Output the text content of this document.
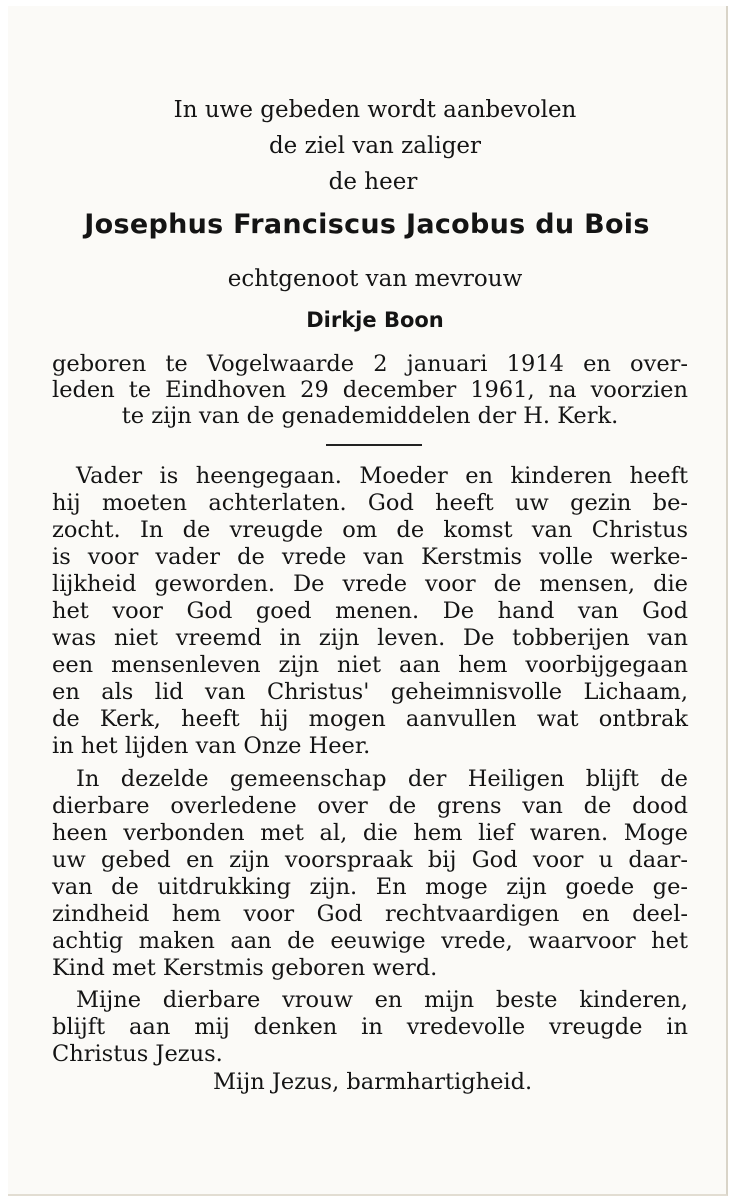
In uwe gebeden wordt aanbevolen
de ziel van zaliger
de heer
Josephus Franciscus Jacobus du Bois
echtgenoot van mevrouw
Dirkje Boon
geboren te Vogelwaarde 2 januari 1914 en over-
leden te Eindhoven 29 december 1961, na voorzien
te zijn van de genademiddelen der H. Kerk.
Vader is heengegaan. Moeder en kinderen heeft
hij moeten achterlaten. God heeft uw gezin be-
zocht. In de vreugde om de komst van Christus
is voor vader de vrede van Kerstmis volle werke-
lijkheid geworden. De vrede voor de mensen, die
het voor God goed menen. De hand van God
was niet vreemd in zijn leven. De tobberijen van
een mensenleven zijn niet aan hem voorbijgegaan
en als lid van Christus' geheimnisvolle Lichaam,
de Kerk, heeft hij mogen aanvullen wat ontbrak
in het lijden van Onze Heer.
In dezelde gemeenschap der Heiligen blijft de
dierbare overledene over de grens van de dood
heen verbonden met al, die hem lief waren. Moge
uw gebed en zijn voorspraak bij God voor u daar-
van de uitdrukking zijn. En moge zijn goede ge-
zindheid hem voor God rechtvaardigen en deel-
achtig maken aan de eeuwige vrede, waarvoor het
Kind met Kerstmis geboren werd.
Mijne dierbare vrouw en mijn beste kinderen,
blijft aan mij denken in vredevolle vreugde in
Christus Jezus.
Mijn Jezus, barmhartigheid.
